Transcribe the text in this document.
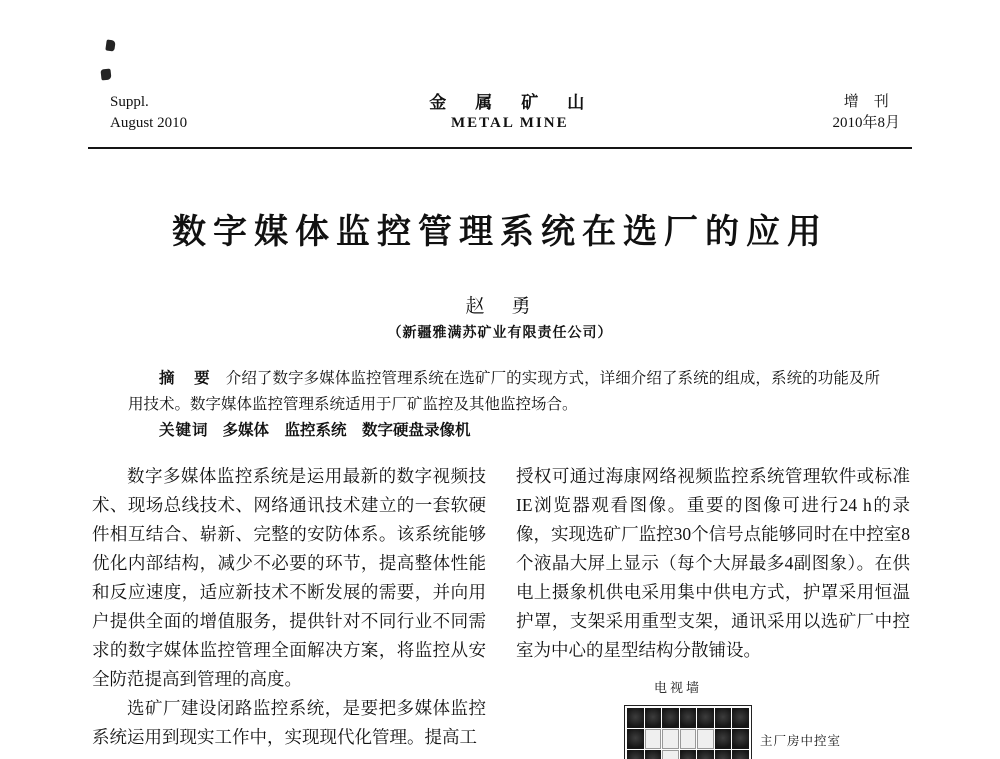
Suppl.
August 2010
金　属　矿　山
METAL MINE
增　刊
2010年8月
数字媒体监控管理系统在选厂的应用
赵　勇
（新疆雅满苏矿业有限责任公司）

摘　要 介绍了数字多媒体监控管理系统在选矿厂的实现方式，详细介绍了系统的组成，系统的功能及所用技术。数字媒体监控管理系统适用于厂矿监控及其他监控场合。

关键词 多媒体　监控系统　数字硬盘录像机

数字多媒体监控系统是运用最新的数字视频技术、现场总线技术、网络通讯技术建立的一套软硬件相互结合、崭新、完整的安防体系。该系统能够优化内部结构，减少不必要的环节，提高整体性能和反应速度，适应新技术不断发展的需要，并向用户提供全面的增值服务，提供针对不同行业不同需求的数字媒体监控管理全面解决方案，将监控从安全防范提高到管理的高度。

选矿厂建设闭路监控系统，是要把多媒体监控系统运用到现实工作中，实现现代化管理。提高工

授权可通过海康网络视频监控系统管理软件或标准IE浏览器观看图像。重要的图像可进行24 h的录像，实现选矿厂监控30个信号点能够同时在中控室8个液晶大屏上显示（每个大屏最多4副图象）。在供电上摄象机供电采用集中供电方式，护罩采用恒温护罩，支架采用重型支架，通讯采用以选矿厂中控室为中心的星型结构分散铺设。

电视墙
主厂房中控室
